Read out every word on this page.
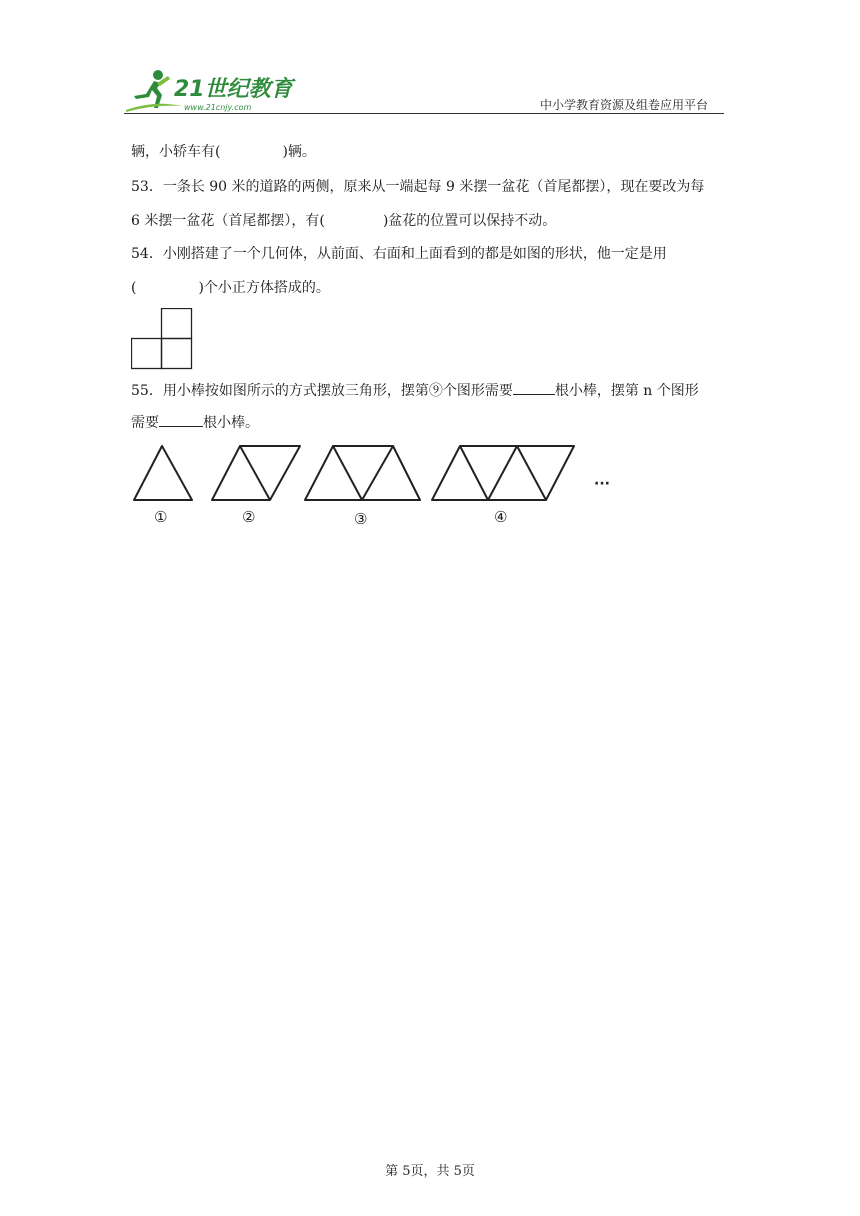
21世纪教育
www.21cnjy.com	中小学教育资源及组卷应用平台
辆，小轿车有(	)辆。
53．一条长 90 米的道路的两侧，原来从一端起每 9 米摆一盆花（首尾都摆），现在要改为每
6 米摆一盆花（首尾都摆），有(	)盆花的位置可以保持不动。
54．小刚搭建了一个几何体，从前面、右面和上面看到的都是如图的形状，他一定是用
(	)个小正方体搭成的。
55．用小棒按如图所示的方式摆放三角形，摆第⑨个图形需要	根小棒，摆第 n 个图形
需要	根小棒。
···
①	②	③	④
第 5页，共 5页
